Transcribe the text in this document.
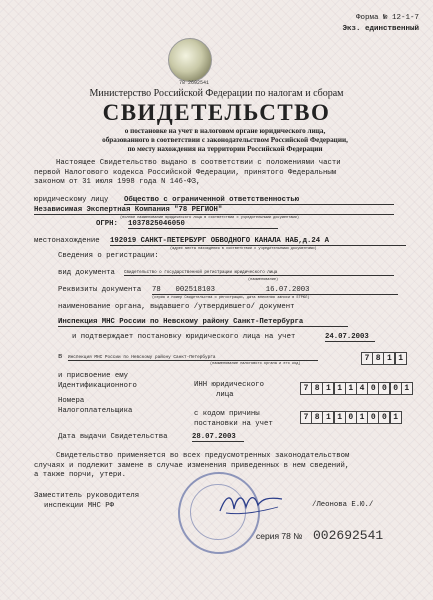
Форма № 12-1-7
Экз. единственный
78 2692541
Министерство Российской Федерации по налогам и сборам
СВИДЕТЕЛЬСТВО
о постановке на учет в налоговом органе юридического лица,
образованного в соответствии с законодательством Российской Федерации,
по месту нахождения на территории Российской Федерации
Настоящее Свидетельство выдано в соответствии с положениями части
первой Налогового кодекса Российской Федерации, принятого Федеральным
законом от 31 июля 1998 года N 146-ФЗ,
юридическому лицу Общество с ограниченной ответственностью
Независимая Экспертная Компания "78 РЕГИОН"
(полное наименование юридического лица в соответствии с учредительными документами)
ОГРН: 1037825046050
местонахождение 192019 САНКТ-ПЕТЕРБУРГ ОБВОДНОГО КАНАЛА НАБ,д.24 А
(адрес места нахождения в соответствии с учредительными документами)
Сведения о регистрации:
вид документа Свидетельство о государственной регистрации юридического лица
(наименование)
Реквизиты документа 78 002518103	16.07.2003
(серия и номер Свидетельства о регистрации, дата внесения записи в ЕГРЮЛ)
наименование органа, выдавшего /утвердившего/ документ
Инспекция МНС России по Невскому району Санкт-Петербурга
и подтверждает постановку юридического лица на учет	24.07.2003
в Инспекция МНС России по Невскому району Санкт-Петербурга
(наименование налогового органа и его код)
7 8 1 1
и присвоение ему
Идентификационного	ИНН юридического
лица
7 8 1 1 1 4 0 0 0 1
Номера
Налогоплательщика	с кодом причины
постановки на учет
7 8 1 1 0 1 0 0 1
Дата выдачи Свидетельства	28.07.2003
Свидетельство применяется во всех предусмотренных законодательством
случаях и подлежит замене в случае изменения приведенных в нем сведений,
а также порчи, утери.
Заместитель руководителя
инспекции МНС РФ	/Леонова Е.Ю./
серия 78 № 002692541
